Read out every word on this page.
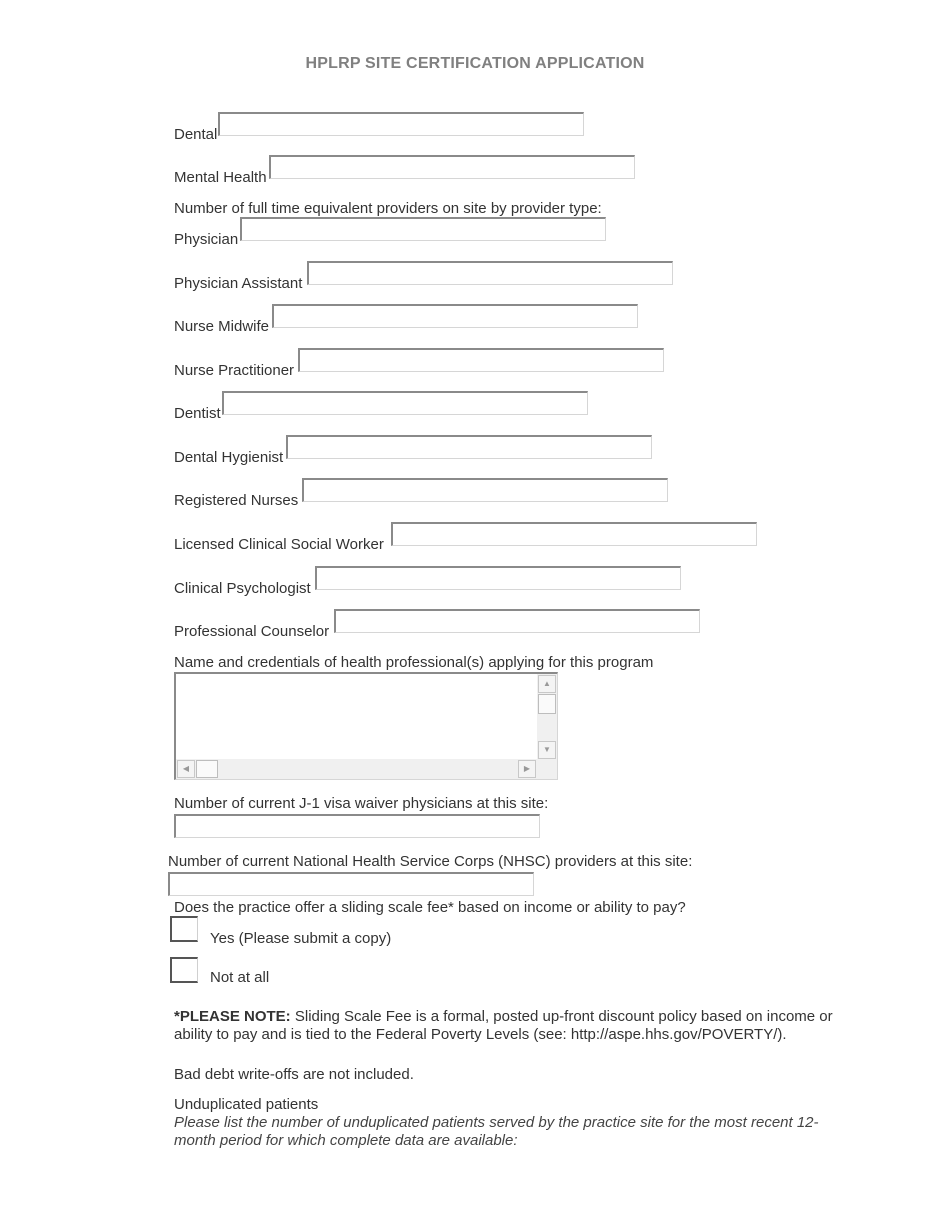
HPLRP SITE CERTIFICATION APPLICATION
Dental
Mental Health
Number of full time equivalent providers on site by provider type:
Physician
Physician Assistant
Nurse Midwife
Nurse Practitioner
Dentist
Dental Hygienist
Registered Nurses
Licensed Clinical Social Worker
Clinical Psychologist
Professional Counselor
Name and credentials of health professional(s) applying for this program
▲
▼
◀	▶
Number of current J-1 visa waiver physicians at this site:
Number of current National Health Service Corps (NHSC) providers at this site:
Does the practice offer a sliding scale fee* based on income or ability to pay?
Yes (Please submit a copy)
Not at all
*PLEASE NOTE: Sliding Scale Fee is a formal, posted up-front discount policy based on income or ability to pay and is tied to the Federal Poverty Levels (see: http://aspe.hhs.gov/POVERTY/).
Bad debt write-offs are not included.
Unduplicated patients
Please list the number of unduplicated patients served by the practice site for the most recent 12-month period for which complete data are available:
